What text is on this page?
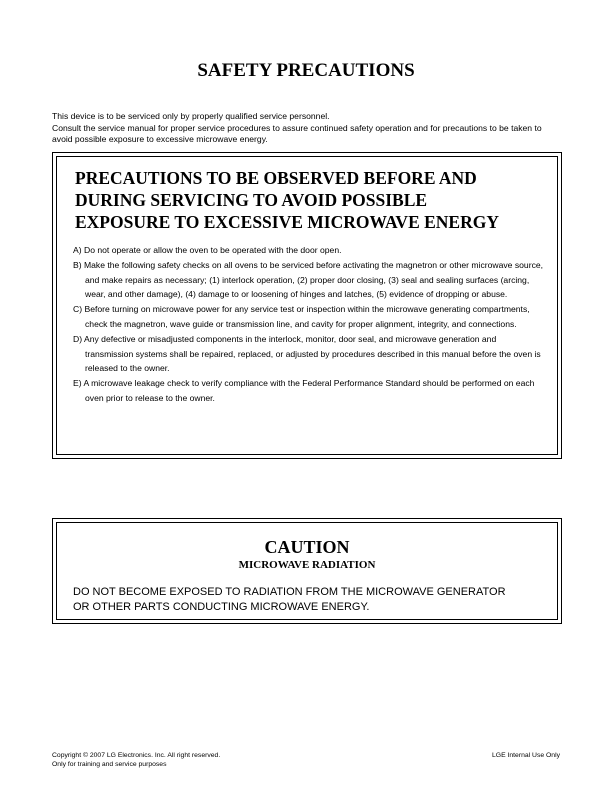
SAFETY PRECAUTIONS

This device is to be serviced only by properly qualified service personnel.

Consult the service manual for proper service procedures to assure continued safety operation and for precautions to be taken to avoid possible exposure to excessive microwave energy.

PRECAUTIONS TO BE OBSERVED BEFORE AND
DURING SERVICING TO AVOID POSSIBLE
EXPOSURE TO EXCESSIVE MICROWAVE ENERGY
A) Do not operate or allow the oven to be operated with the door open.
B) Make the following safety checks on all ovens to be serviced before activating the magnetron or other microwave source, and make repairs as necessary; (1) interlock operation, (2) proper door closing, (3) seal and sealing surfaces (arcing, wear, and other damage), (4) damage to or loosening of hinges and latches, (5) evidence of dropping or abuse.
C) Before turning on microwave power for any service test or inspection within the microwave generating compartments, check the magnetron, wave guide or transmission line, and cavity for proper alignment, integrity, and connections.
D) Any defective or misadjusted components in the interlock, monitor, door seal, and microwave generation and transmission systems shall be repaired, replaced, or adjusted by procedures described in this manual before the oven is released to the owner.
E) A microwave leakage check to verify compliance with the Federal Performance Standard should be performed on each oven prior to release to the owner.
CAUTION
MICROWAVE RADIATION

DO NOT BECOME EXPOSED TO RADIATION FROM THE MICROWAVE GENERATOR
OR OTHER PARTS CONDUCTING MICROWAVE ENERGY.

Copyright © 2007 LG Electronics. Inc. All right reserved.
Only for training and service purposes
LGE Internal Use Only
